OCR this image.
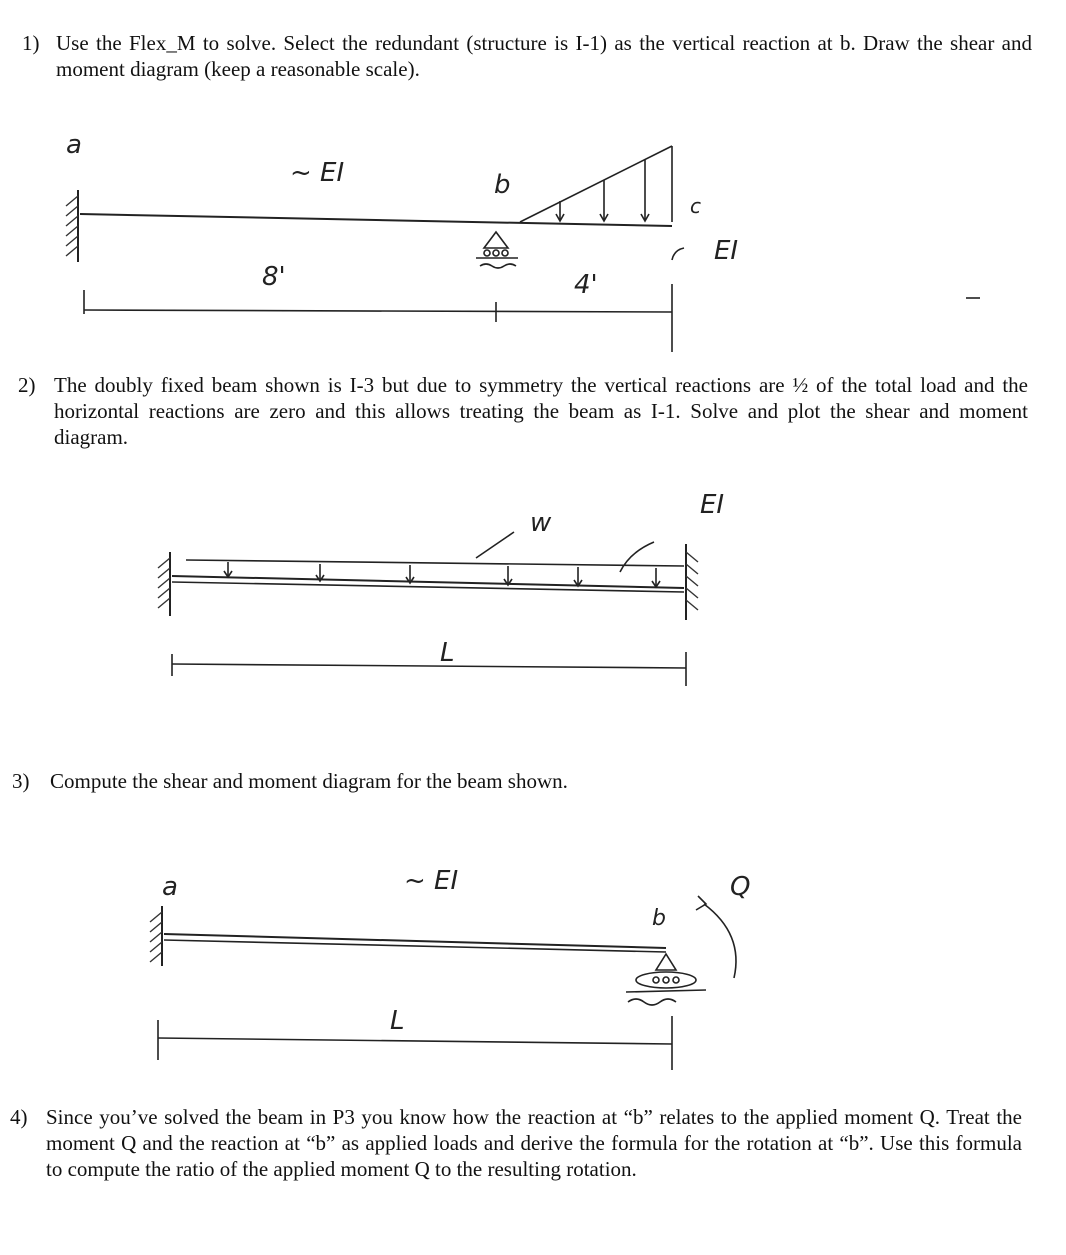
1) Use the Flex_M to solve. Select the redundant (structure is I-1) as the vertical reaction at b. Draw the shear and moment diagram (keep a reasonable scale).
a
~ EI	b
c
EI
8'	4'
2) The doubly fixed beam shown is I-3 but due to symmetry the vertical reactions are ½ of the total load and the horizontal reactions are zero and this allows treating the beam as I-1. Solve and plot the shear and moment diagram.
w
EI
L
3) Compute the shear and moment diagram for the beam shown.
a	~ EI
b
Q
L
4) Since you’ve solved the beam in P3 you know how the reaction at “b” relates to the applied moment Q. Treat the moment Q and the reaction at “b” as applied loads and derive the formula for the rotation at “b”. Use this formula to compute the ratio of the applied moment Q to the resulting rotation.
